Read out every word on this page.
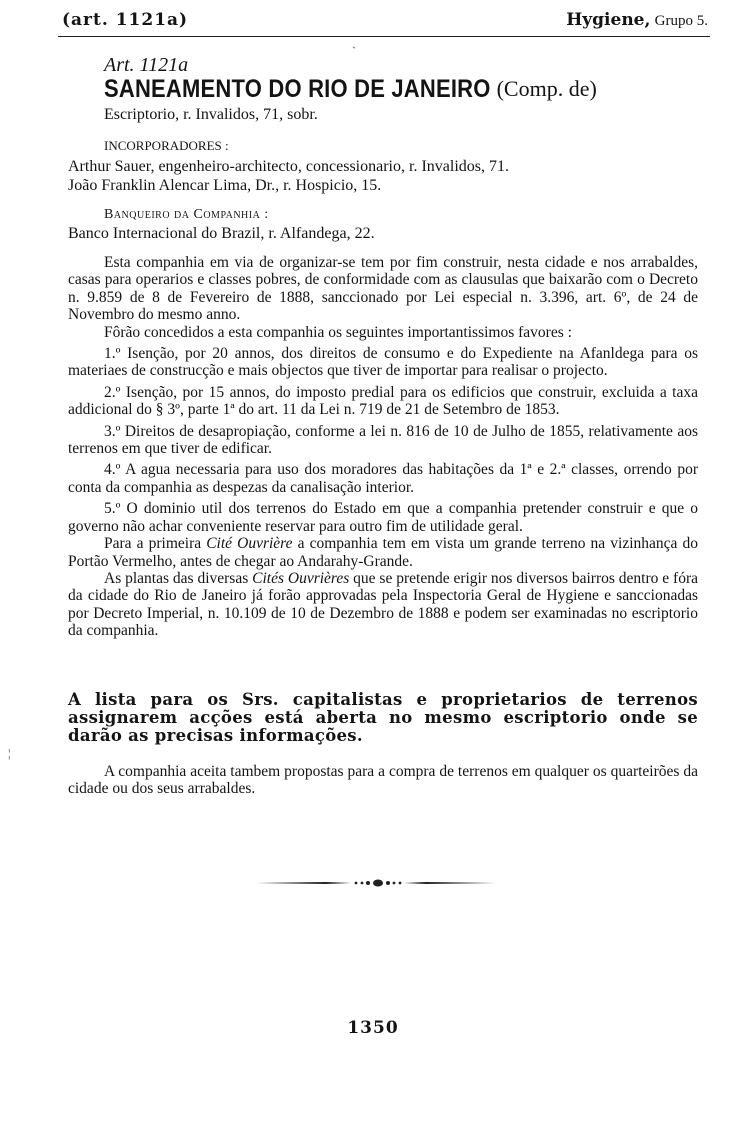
(art. 1121a)	Hygiene, Grupo 5.
ˋ
¦
Art. 1121a
SANEAMENTO DO RIO DE JANEIRO (Comp. de)
Escriptorio, r. Invalidos, 71, sobr.
INCORPORADORES :
Arthur Sauer, engenheiro-architecto, concessionario, r. Invalidos, 71.
João Franklin Alencar Lima, Dr., r. Hospicio, 15.
Banqueiro da Companhia :
Banco Internacional do Brazil, r. Alfandega, 22.

Esta companhia em via de organizar-se tem por fim construir, nesta cidade e nos arrabaldes, casas para operarios e classes pobres, de conformidade com as clausulas que baixarão com o Decreto n. 9.859 de 8 de Fevereiro de 1888, sanccionado por Lei especial n. 3.396, art. 6º, de 24 de Novembro do mesmo anno.

Fôrão concedidos a esta companhia os seguintes importantissimos favores :

1.º Isenção, por 20 annos, dos direitos de consumo e do Expediente na Afanldega para os materiaes de construcção e mais objectos que tiver de importar para realisar o projecto.

2.º Isenção, por 15 annos, do imposto predial para os edificios que construir, excluida a taxa addicional do § 3º, parte 1ª do art. 11 da Lei n. 719 de 21 de Setembro de 1853.

3.º Direitos de desapropiação, conforme a lei n. 816 de 10 de Julho de 1855, relativamente aos terrenos em que tiver de edificar.

4.º A agua necessaria para uso dos moradores das habitações da 1ª e 2.ª classes, orrendo por conta da companhia as despezas da canalisação interior.

5.º O dominio util dos terrenos do Estado em que a companhia pretender construir e que o governo não achar conveniente reservar para outro fim de utilidade geral.

Para a primeira Cité Ouvrière a companhia tem em vista um grande terreno na vizinhança do Portão Vermelho, antes de chegar ao Andarahy-Grande.

As plantas das diversas Cités Ouvrières que se pretende erigir nos diversos bairros dentro e fóra da cidade do Rio de Janeiro já forão approvadas pela Inspectoria Geral de Hygiene e sanccionadas por Decreto Imperial, n. 10.109 de 10 de Dezembro de 1888 e podem ser examinadas no escriptorio da companhia.

A lista para os Srs. capitalistas e proprietarios de terrenos assignarem acções está aberta no mesmo escriptorio onde se darão as precisas informações.

A companhia aceita tambem propostas para a compra de terrenos em qualquer os quarteirões da cidade ou dos seus arrabaldes.

1350
